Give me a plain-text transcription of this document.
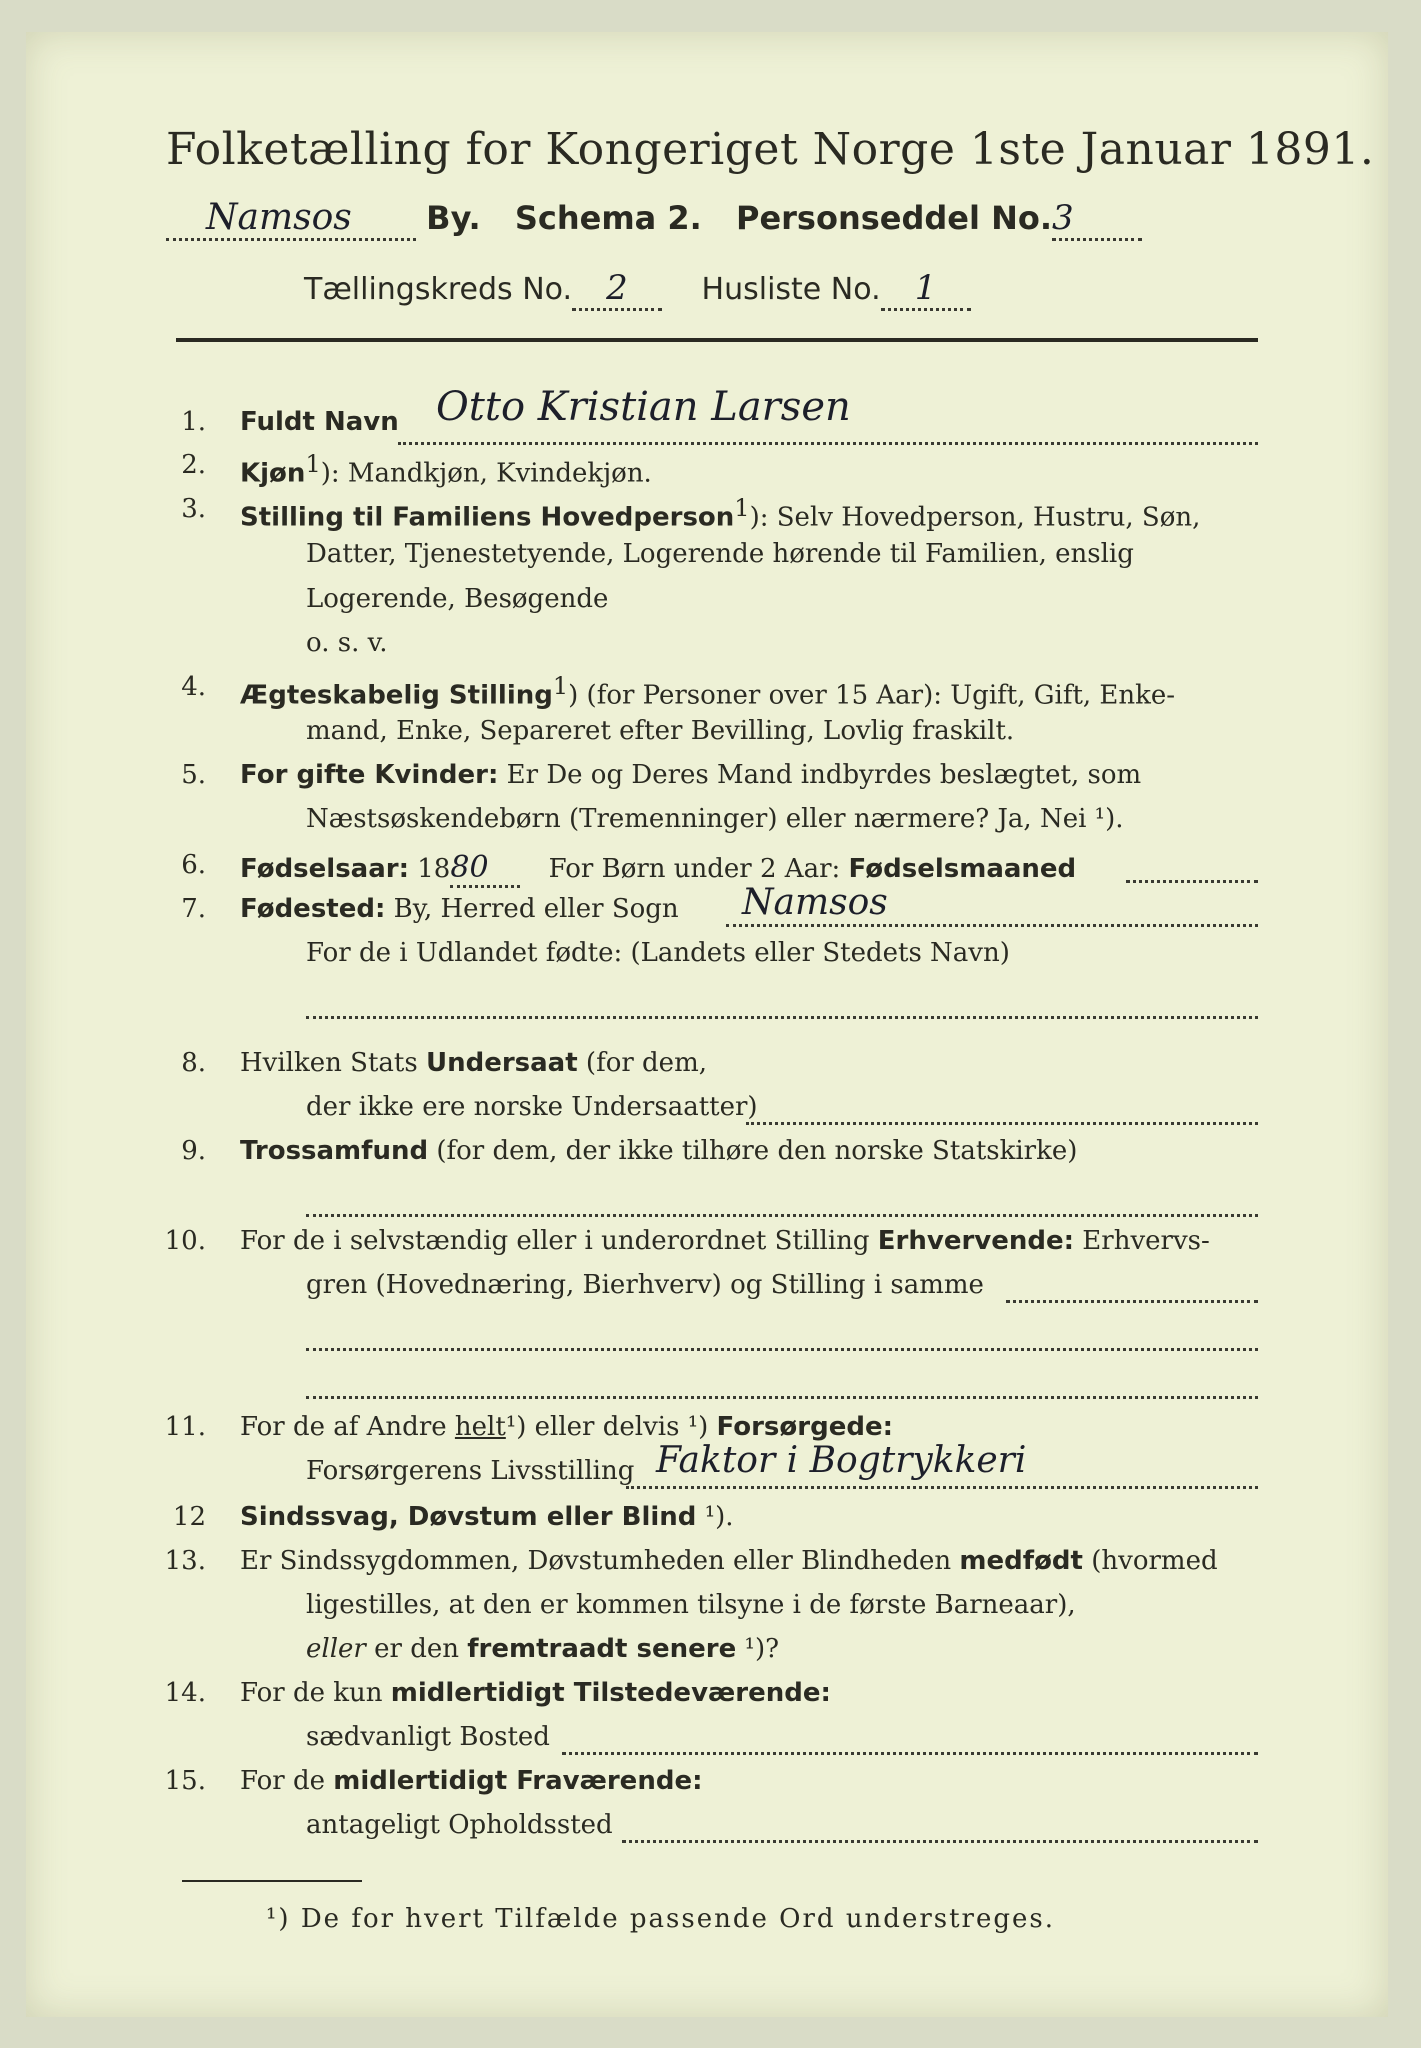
Folketælling for Kongeriget Norge 1ste Januar 1891.
Namsos By. Schema 2. Personseddel No.3
Tællingskreds No. 2 Husliste No. 1
1. Fuldt Navn Otto Kristian Larsen
2. Kjøn$^1$): Mandkjøn, Kvindekjøn.
3. Stilling til Familiens Hovedperson$^1$): Selv Hovedperson, Hustru, Søn,
Datter, Tjenestetyende, Logerende hørende til Familien, enslig
Logerende, Besøgende
o. s. v.
4. Ægteskabelig Stilling$^1$) (for Personer over 15 Aar): Ugift, Gift, Enke-
mand, Enke, Separeret efter Bevilling, Lovlig fraskilt.
5. For gifte Kvinder: Er De og Deres Mand indbyrdes beslægtet, som
Næstsøskendebørn (Tremenninger) eller nærmere? Ja, Nei ¹).
6. Fødselsaar: 1880 For Børn under 2 Aar: Fødselsmaaned
7. Fødested: By, Herred eller Sogn Namsos
For de i Udlandet fødte: (Landets eller Stedets Navn)
8. Hvilken Stats Undersaat (for dem,
der ikke ere norske Undersaatter)
9. Trossamfund (for dem, der ikke tilhøre den norske Statskirke)
10. For de i selvstændig eller i underordnet Stilling Erhvervende: Erhvervs-
gren (Hovednæring, Bierhverv) og Stilling i samme
11. For de af Andre helt¹) eller delvis ¹) Forsørgede:
Forsørgerens Livsstilling Faktor i Bogtrykkeri
12 Sindssvag, Døvstum eller Blind ¹).
13. Er Sindssygdommen, Døvstumheden eller Blindheden medfødt (hvormed
ligestilles, at den er kommen tilsyne i de første Barneaar),
eller er den fremtraadt senere ¹)?
14. For de kun midlertidigt Tilstedeværende:
sædvanligt Bosted
15. For de midlertidigt Fraværende:
antageligt Opholdssted
¹) De for hvert Tilfælde passende Ord understreges.
